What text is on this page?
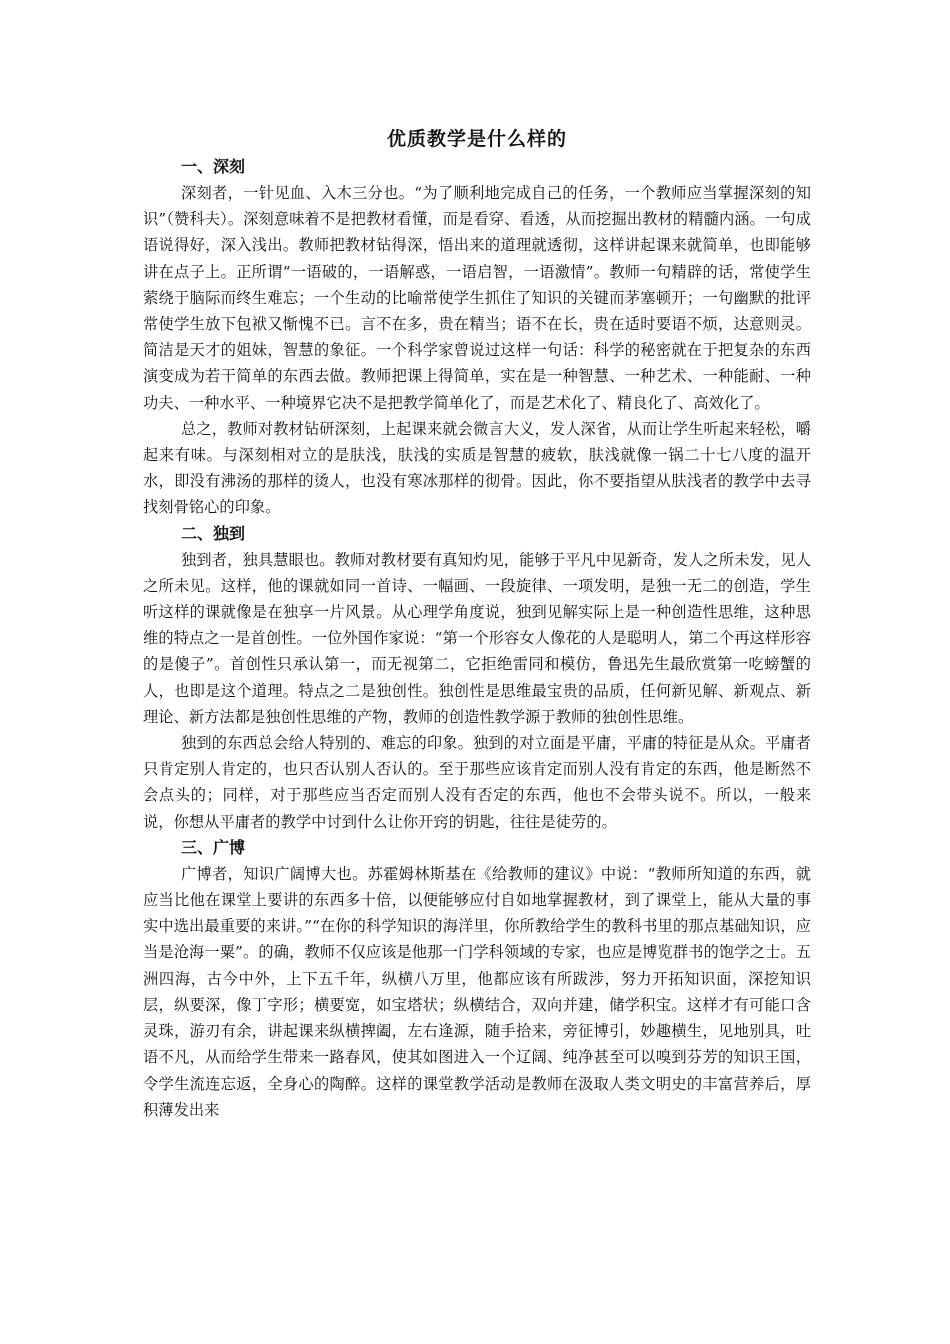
优质教学是什么样的
一、深刻

深刻者，一针见血、入木三分也。“为了顺利地完成自己的任务，一个教师应当掌握深刻的知识”（赞科夫）。深刻意味着不是把教材看懂，而是看穿、看透，从而挖掘出教材的精髓内涵。一句成语说得好，深入浅出。教师把教材钻得深，悟出来的道理就透彻，这样讲起课来就简单，也即能够讲在点子上。正所谓“一语破的，一语解惑，一语启智，一语激情”。教师一句精辟的话，常使学生萦绕于脑际而终生难忘；一个生动的比喻常使学生抓住了知识的关键而茅塞顿开；一句幽默的批评常使学生放下包袱又惭愧不已。言不在多，贵在精当；语不在长，贵在适时要语不烦，达意则灵。简洁是天才的姐妹，智慧的象征。一个科学家曾说过这样一句话：科学的秘密就在于把复杂的东西演变成为若干简单的东西去做。教师把课上得简单，实在是一种智慧、一种艺术、一种能耐、一种功夫、一种水平、一种境界它决不是把教学简单化了，而是艺术化了、精良化了、高效化了。

总之，教师对教材钻研深刻，上起课来就会微言大义，发人深省，从而让学生听起来轻松，嚼起来有味。与深刻相对立的是肤浅，肤浅的实质是智慧的疲软，肤浅就像一锅二十七八度的温开水，即没有沸汤的那样的烫人，也没有寒冰那样的彻骨。因此，你不要指望从肤浅者的教学中去寻找刻骨铭心的印象。

二、独到

独到者，独具慧眼也。教师对教材要有真知灼见，能够于平凡中见新奇，发人之所未发，见人之所未见。这样，他的课就如同一首诗、一幅画、一段旋律、一项发明，是独一无二的创造，学生听这样的课就像是在独享一片风景。从心理学角度说，独到见解实际上是一种创造性思维，这种思维的特点之一是首创性。一位外国作家说：“第一个形容女人像花的人是聪明人，第二个再这样形容的是傻子”。首创性只承认第一，而无视第二，它拒绝雷同和模仿，鲁迅先生最欣赏第一吃螃蟹的人，也即是这个道理。特点之二是独创性。独创性是思维最宝贵的品质，任何新见解、新观点、新理论、新方法都是独创性思维的产物，教师的创造性教学源于教师的独创性思维。

独到的东西总会给人特别的、难忘的印象。独到的对立面是平庸，平庸的特征是从众。平庸者只肯定别人肯定的，也只否认别人否认的。至于那些应该肯定而别人没有肯定的东西，他是断然不会点头的；同样，对于那些应当否定而别人没有否定的东西，他也不会带头说不。所以，一般来说，你想从平庸者的教学中讨到什么让你开窍的钥匙，往往是徒劳的。

三、广博

广博者，知识广阔博大也。苏霍姆林斯基在《给教师的建议》中说：“教师所知道的东西，就应当比他在课堂上要讲的东西多十倍，以便能够应付自如地掌握教材，到了课堂上，能从大量的事实中选出最重要的来讲。”“在你的科学知识的海洋里，你所教给学生的教科书里的那点基础知识，应当是沧海一粟”。的确，教师不仅应该是他那一门学科领域的专家，也应是博览群书的饱学之士。五洲四海，古今中外，上下五千年，纵横八万里，他都应该有所跋涉，努力开拓知识面，深挖知识层，纵要深，像丁字形；横要宽，如宝塔状；纵横结合，双向并建，储学积宝。这样才有可能口含灵珠，游刃有余，讲起课来纵横捭阖，左右逢源，随手拾来，旁征博引，妙趣横生，见地别具，吐语不凡，从而给学生带来一路春风，使其如图进入一个辽阔、纯净甚至可以嗅到芬芳的知识王国，令学生流连忘返，全身心的陶醉。这样的课堂教学活动是教师在汲取人类文明史的丰富营养后，厚积薄发出来
